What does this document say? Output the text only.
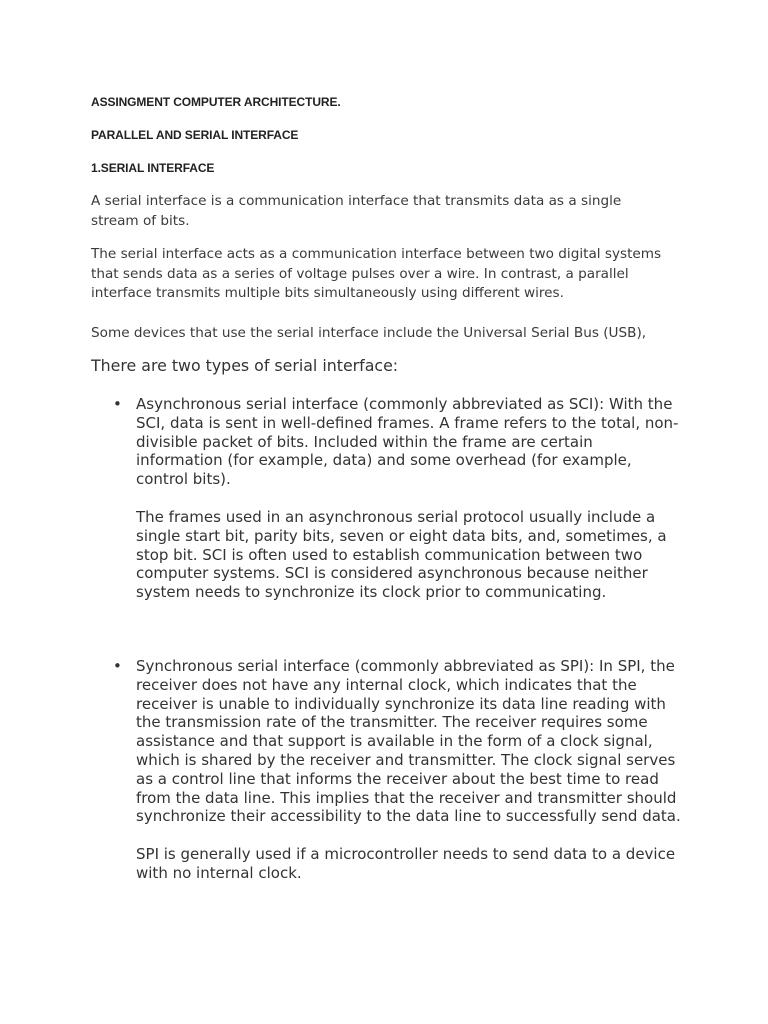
ASSINGMENT COMPUTER ARCHITECTURE.
PARALLEL AND SERIAL INTERFACE
1.SERIAL INTERFACE

A serial interface is a communication interface that transmits data as a single stream of bits.

The serial interface acts as a communication interface between two digital systems that sends data as a series of voltage pulses over a wire. In contrast, a parallel interface transmits multiple bits simultaneously using different wires.

Some devices that use the serial interface include the Universal Serial Bus (USB),

There are two types of serial interface:

• Asynchronous serial interface (commonly abbreviated as SCI): With the SCI, data is sent in well-defined frames. A frame refers to the total, non-divisible packet of bits. Included within the frame are certain information (for example, data) and some overhead (for example, control bits).

The frames used in an asynchronous serial protocol usually include a single start bit, parity bits, seven or eight data bits, and, sometimes, a stop bit. SCI is often used to establish communication between two computer systems. SCI is considered asynchronous because neither system needs to synchronize its clock prior to communicating.

• Synchronous serial interface (commonly abbreviated as SPI): In SPI, the receiver does not have any internal clock, which indicates that the receiver is unable to individually synchronize its data line reading with the transmission rate of the transmitter. The receiver requires some assistance and that support is available in the form of a clock signal, which is shared by the receiver and transmitter. The clock signal serves as a control line that informs the receiver about the best time to read from the data line. This implies that the receiver and transmitter should synchronize their accessibility to the data line to successfully send data.

SPI is generally used if a microcontroller needs to send data to a device with no internal clock.
